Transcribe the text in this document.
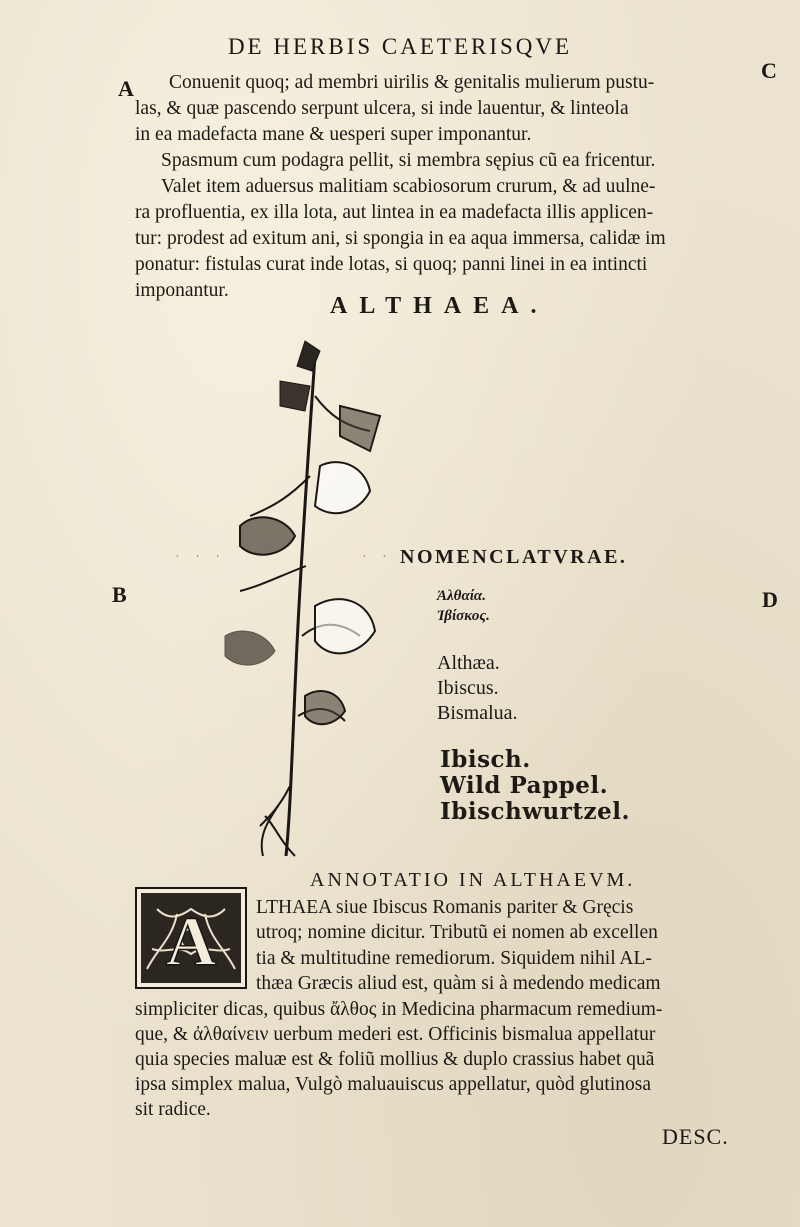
DE HERBIS CAETERISQVE
A
C
B	D
Conuenit quoq; ad membri uirilis & genitalis mulierum pustu-
las, & quæ pascendo serpunt ulcera, si inde lauentur, & linteola
in ea madefacta mane & uesperi super imponantur.
Spasmum cum podagra pellit, si membra sępius cũ ea fricentur.
Valet item aduersus malitiam scabiosorum crurum, & ad uulne-
ra profluentia, ex illa lota, aut lintea in ea madefacta illis applicen-
tur: prodest ad exitum ani, si spongia in ea aqua immersa, calidæ im
ponatur: fistulas curat inde lotas, si quoq; panni linei in ea intincti
imponantur.
ALTHAEA.
· · ·	· · NOMENCLATVRAE.
Ἀλθαία.
Ἰβίσκος.
Althæa.
Ibiscus.
Bismalua.
Ibisch.
Wild Pappel.
Ibischwurtzel.
ANNOTATIO IN ALTHAEVM.
A LTHAEA siue Ibiscus Romanis pariter & Gręcis
utroq; nomine dicitur. Tributũ ei nomen ab excellen
tia & multitudine remediorum. Siquidem nihil AL-
thæa Græcis aliud est, quàm si à medendo medicam
simpliciter dicas, quibus ἄλθος in Medicina pharmacum remedium-
que, & ἀλθαίνειν uerbum mederi est. Officinis bismalua appellatur
quia species maluæ est & foliũ mollius & duplo crassius habet quã
ipsa simplex malua, Vulgò maluauiscus appellatur, quòd glutinosa
sit radice.
DESC.
